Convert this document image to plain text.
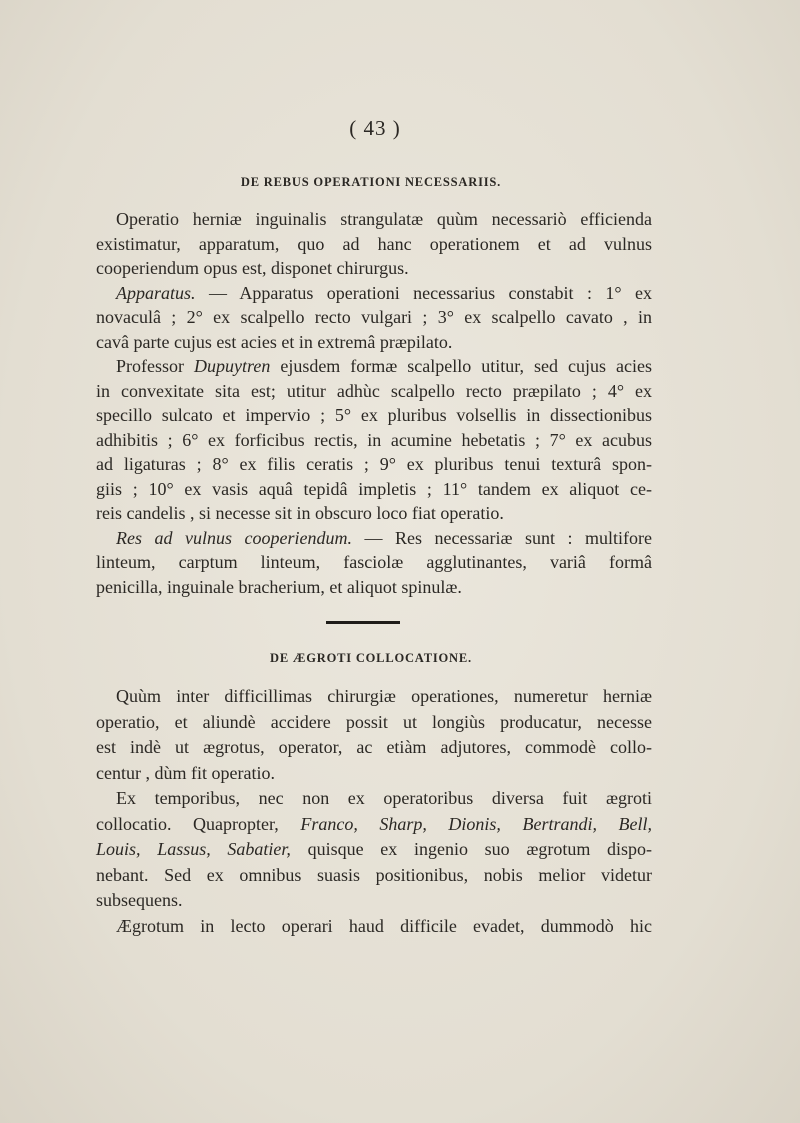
( 43 )
DE REBUS OPERATIONI NECESSARIIS.
Operatio herniæ inguinalis strangulatæ quùm necessariò efficienda
existimatur, apparatum, quo ad hanc operationem et ad vulnus
cooperiendum opus est, disponet chirurgus.
Apparatus. — Apparatus operationi necessarius constabit : 1° ex
novaculâ ; 2° ex scalpello recto vulgari ; 3° ex scalpello cavato , in
cavâ parte cujus est acies et in extremâ præpilato.
Professor Dupuytren ejusdem formæ scalpello utitur, sed cujus acies
in convexitate sita est; utitur adhùc scalpello recto præpilato ; 4° ex
specillo sulcato et impervio ; 5° ex pluribus volsellis in dissectionibus
adhibitis ; 6° ex forficibus rectis, in acumine hebetatis ; 7° ex acubus
ad ligaturas ; 8° ex filis ceratis ; 9° ex pluribus tenui texturâ spon-
giis ; 10° ex vasis aquâ tepidâ impletis ; 11° tandem ex aliquot ce-
reis candelis , si necesse sit in obscuro loco fiat operatio.
Res ad vulnus cooperiendum. — Res necessariæ sunt : multifore
linteum, carptum linteum, fasciolæ agglutinantes, variâ formâ
penicilla, inguinale bracherium, et aliquot spinulæ.
DE ÆGROTI COLLOCATIONE.
Quùm inter difficillimas chirurgiæ operationes, numeretur herniæ
operatio, et aliundè accidere possit ut longiùs producatur, necesse
est indè ut ægrotus, operator, ac etiàm adjutores, commodè collo-
centur , dùm fit operatio.
Ex temporibus, nec non ex operatoribus diversa fuit ægroti
collocatio. Quapropter, Franco, Sharp, Dionis, Bertrandi, Bell,
Louis, Lassus, Sabatier, quisque ex ingenio suo ægrotum dispo-
nebant. Sed ex omnibus suasis positionibus, nobis melior videtur
subsequens.
Ægrotum in lecto operari haud difficile evadet, dummodò hic
